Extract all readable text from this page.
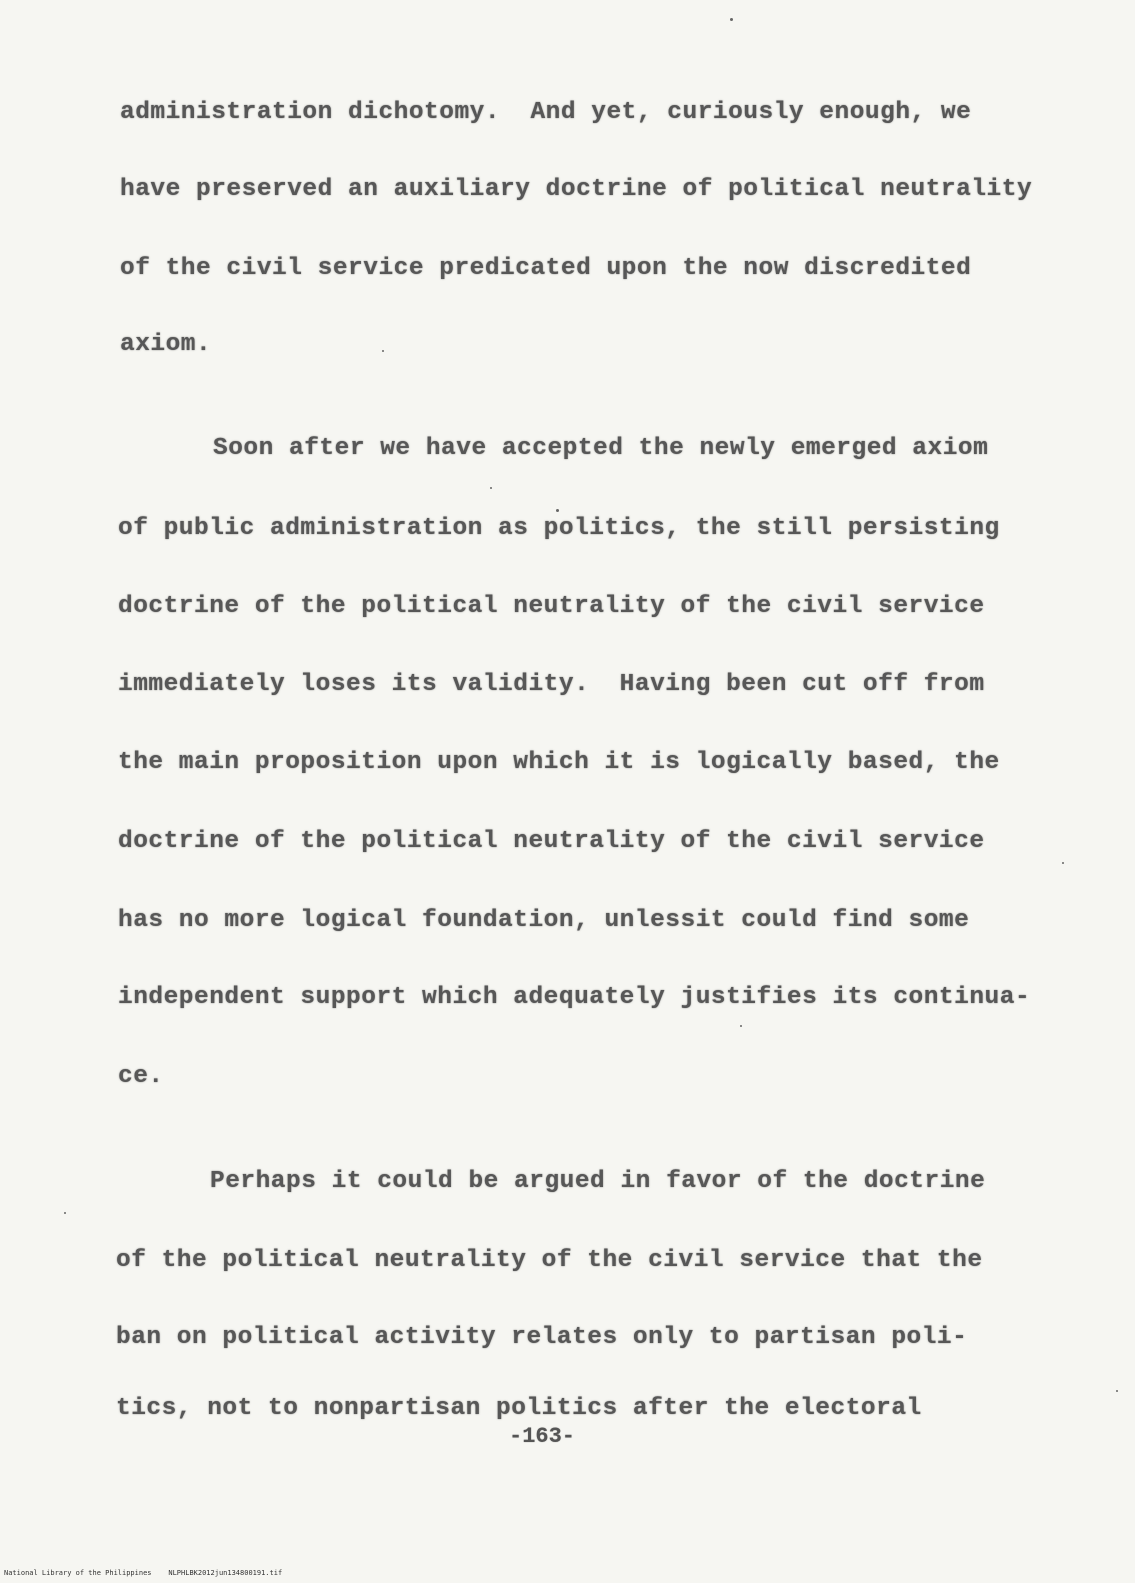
administration dichotomy.  And yet, curiously enough, we
have preserved an auxiliary doctrine of political neutrality
of the civil service predicated upon the now discredited
axiom.
Soon after we have accepted the newly emerged axiom
of public administration as politics, the still persisting
doctrine of the political neutrality of the civil service
immediately loses its validity.  Having been cut off from
the main proposition upon which it is logically based, the
doctrine of the political neutrality of the civil service
has no more logical foundation, unlessit could find some
independent support which adequately justifies its continua-
ce.
Perhaps it could be argued in favor of the doctrine
of the political neutrality of the civil service that the
ban on political activity relates only to partisan poli-
tics, not to nonpartisan politics after the electoral
-163-
National Library of the Philippines NLPHLBK2012jun134800191.tif
